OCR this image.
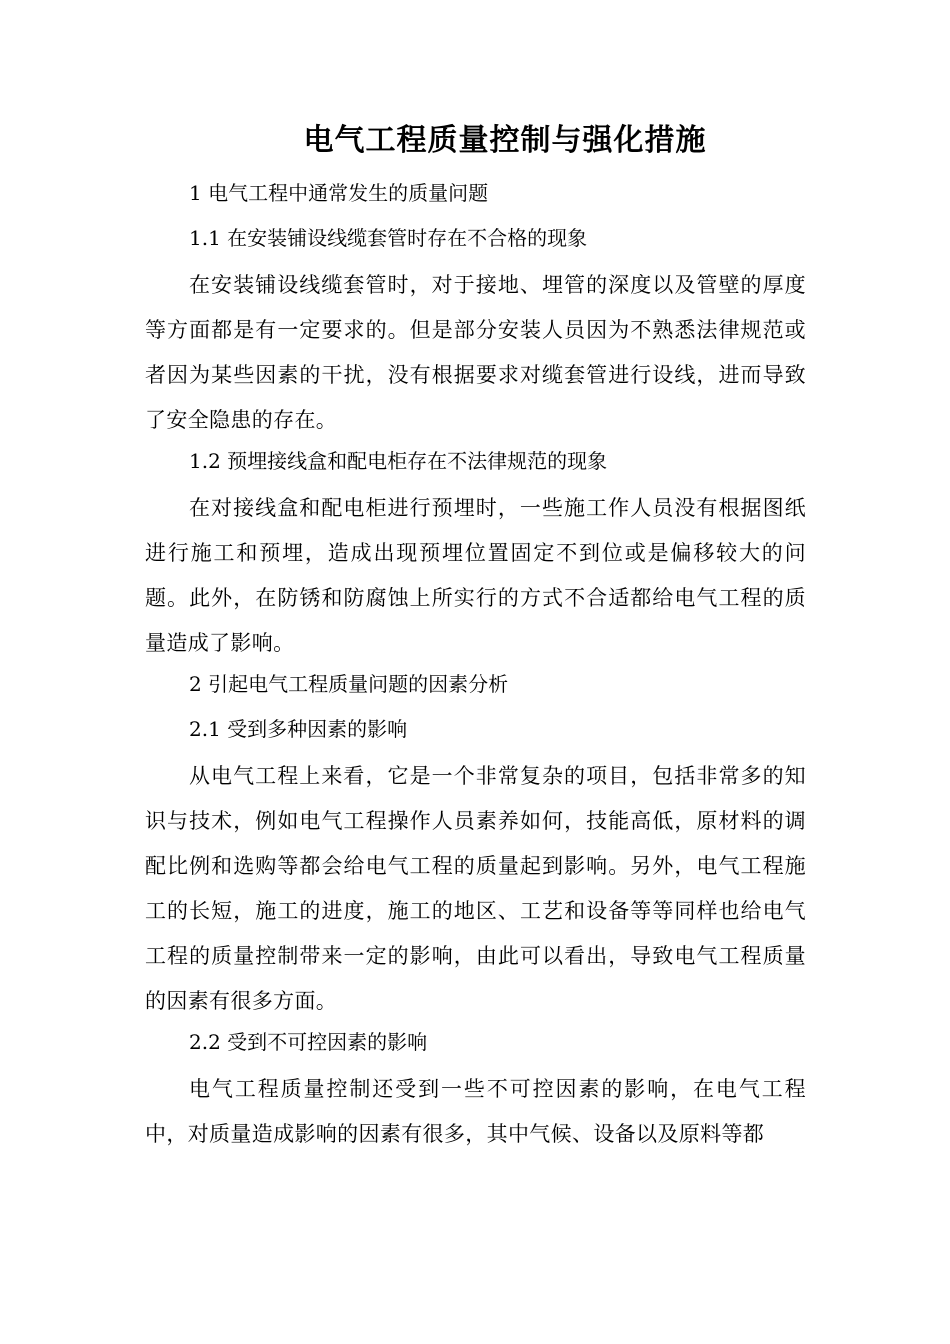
电气工程质量控制与强化措施
1 电气工程中通常发生的质量问题
1.1 在安装铺设线缆套管时存在不合格的现象
在安装铺设线缆套管时，对于接地、埋管的深度以及管壁的厚度等方面都是有一定要求的。但是部分安装人员因为不熟悉法律规范或者因为某些因素的干扰，没有根据要求对缆套管进行设线，进而导致了安全隐患的存在。
1.2 预埋接线盒和配电柜存在不法律规范的现象
在对接线盒和配电柜进行预埋时，一些施工作人员没有根据图纸进行施工和预埋，造成出现预埋位置固定不到位或是偏移较大的问题。此外，在防锈和防腐蚀上所实行的方式不合适都给电气工程的质量造成了影响。
2 引起电气工程质量问题的因素分析
2.1 受到多种因素的影响
从电气工程上来看，它是一个非常复杂的项目，包括非常多的知识与技术，例如电气工程操作人员素养如何，技能高低，原材料的调配比例和选购等都会给电气工程的质量起到影响。另外，电气工程施工的长短，施工的进度，施工的地区、工艺和设备等等同样也给电气工程的质量控制带来一定的影响，由此可以看出，导致电气工程质量的因素有很多方面。
2.2 受到不可控因素的影响
电气工程质量控制还受到一些不可控因素的影响，在电气工程中，对质量造成影响的因素有很多，其中气候、设备以及原料等都
